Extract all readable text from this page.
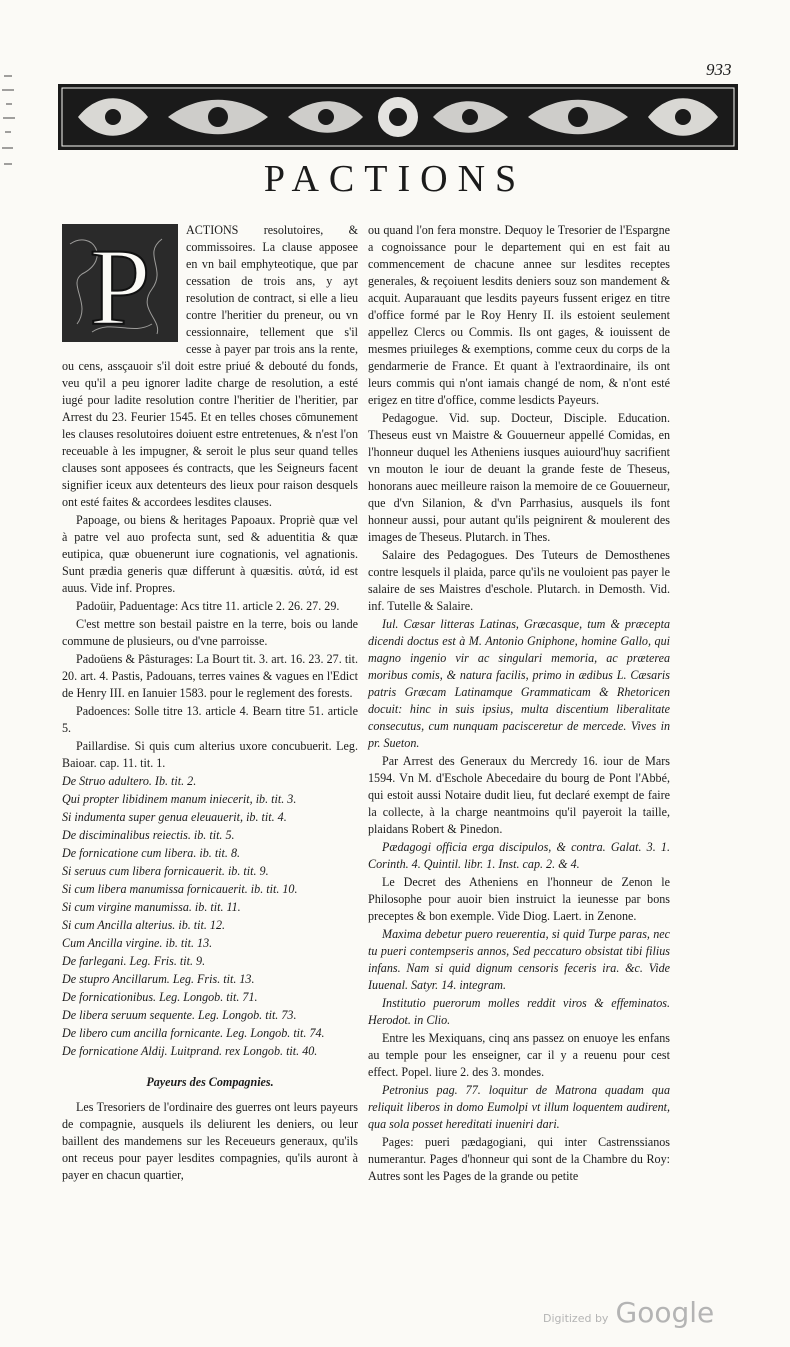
933
PACTIONS
P	ACTIONS resolutoires, & commissoires. La clause apposee en vn bail emphyteotique, que par cessation de trois ans, y ayt resolution de contract, si elle a lieu contre l'heritier du preneur, ou vn cessionnaire, tellement que s'il cesse à payer par trois ans la rente, ou cens, assçauoir s'il doit estre priué & debouté du fonds, veu qu'il a peu ignorer ladite charge de resolution, a esté iugé pour ladite resolution contre l'heritier de l'heritier, par Arrest du 23. Feurier 1545. Et en telles choses cōmunement les clauses resolutoires doiuent estre entretenues, & n'est l'on receuable à les impugner, & seroit le plus seur quand telles clauses sont apposees és contracts, que les Seigneurs facent signifier iceux aux detenteurs des lieux pour raison desquels ont esté faites & accordees lesdites clauses.

Papoage, ou biens & heritages Papoaux. Propriè quæ vel à patre vel auo profecta sunt, sed & aduentitia & quæ eutipica, quæ obuenerunt iure cognationis, vel agnationis. Sunt prædia generis quæ differunt à quæsitis. αὐτά, id est auus. Vide inf. Propres.

Padoüir, Paduentage: Acs titre 11. article 2. 26. 27. 29.

C'est mettre son bestail paistre en la terre, bois ou lande commune de plusieurs, ou d'vne parroisse.

Padoüens & Pâsturages: La Bourt tit. 3. art. 16. 23. 27. tit. 20. art. 4. Pastis, Padouans, terres vaines & vagues en l'Edict de Henry III. en Ianuier 1583. pour le reglement des forests.

Padoences: Solle titre 13. article 4. Bearn titre 51. article 5.

Paillardise. Si quis cum alterius uxore concubuerit. Leg. Baioar. cap. 11. tit. 1.

De Struo adultero. Ib. tit. 2.

Qui propter libidinem manum iniecerit, ib. tit. 3.

Si indumenta super genua eleuauerit, ib. tit. 4.

De disciminalibus reiectis. ib. tit. 5.

De fornicatione cum libera. ib. tit. 8.

Si seruus cum libera fornicauerit. ib. tit. 9.

Si cum libera manumissa fornicauerit. ib. tit. 10.

Si cum virgine manumissa. ib. tit. 11.

Si cum Ancilla alterius. ib. tit. 12.

Cum Ancilla virgine. ib. tit. 13.

De farlegani. Leg. Fris. tit. 9.

De stupro Ancillarum. Leg. Fris. tit. 13.

De fornicationibus. Leg. Longob. tit. 71.

De libera seruum sequente. Leg. Longob. tit. 73.

De libero cum ancilla fornicante. Leg. Longob. tit. 74.

De fornicatione Aldij. Luitprand. rex Longob. tit. 40.

Payeurs des Compagnies.

Les Tresoriers de l'ordinaire des guerres ont leurs payeurs de compagnie, ausquels ils deliurent les deniers, ou leur baillent des mandemens sur les Receueurs generaux, qu'ils ont receus pour payer lesdites compagnies, qu'ils auront à payer en chacun quartier,

ou quand l'on fera monstre. Dequoy le Tresorier de l'Espargne a cognoissance pour le departement qui en est fait au commencement de chacune annee sur lesdites receptes generales, & reçoiuent lesdits deniers souz son mandement & acquit. Auparauant que lesdits payeurs fussent erigez en titre d'office formé par le Roy Henry II. ils estoient seulement appellez Clercs ou Commis. Ils ont gages, & iouissent de mesmes priuileges & exemptions, comme ceux du corps de la gendarmerie de France. Et quant à l'extraordinaire, ils ont leurs commis qui n'ont iamais changé de nom, & n'ont esté erigez en titre d'office, comme lesdicts Payeurs.

Pedagogue. Vid. sup. Docteur, Disciple. Education. Theseus eust vn Maistre & Gouuerneur appellé Comidas, en l'honneur duquel les Atheniens iusques auiourd'huy sacrifient vn mouton le iour de deuant la grande feste de Theseus, honorans auec meilleure raison la memoire de ce Gouuerneur, que d'vn Silanion, & d'vn Parrhasius, ausquels ils font honneur aussi, pour autant qu'ils peignirent & moulerent des images de Theseus. Plutarch. in Thes.

Salaire des Pedagogues. Des Tuteurs de Demosthenes contre lesquels il plaida, parce qu'ils ne vouloient pas payer le salaire de ses Maistres d'eschole. Plutarch. in Demosth. Vid. inf. Tutelle & Salaire.

Iul. Cæsar litteras Latinas, Græcasque, tum & præcepta dicendi doctus est à M. Antonio Gniphone, homine Gallo, qui magno ingenio vir ac singulari memoria, ac præterea moribus comis, & natura facilis, primo in ædibus L. Cæsaris patris Græcam Latinamque Grammaticam & Rhetoricen docuit: hinc in suis ipsius, multa discentium liberalitate consecutus, cum nunquam pacisceretur de mercede. Vives in pr. Sueton.

Par Arrest des Generaux du Mercredy 16. iour de Mars 1594. Vn M. d'Eschole Abecedaire du bourg de Pont l'Abbé, qui estoit aussi Notaire dudit lieu, fut declaré exempt de faire la collecte, à la charge neantmoins qu'il payeroit la taille, plaidans Robert & Pinedon.

Pædagogi officia erga discipulos, & contra. Galat. 3. 1. Corinth. 4. Quintil. libr. 1. Inst. cap. 2. & 4.

Le Decret des Atheniens en l'honneur de Zenon le Philosophe pour auoir bien instruict la ieunesse par bons preceptes & bon exemple. Vide Diog. Laert. in Zenone.

Maxima debetur puero reuerentia, si quid Turpe paras, nec tu pueri contempseris annos, Sed peccaturo obsistat tibi filius infans. Nam si quid dignum censoris feceris ira. &c. Vide Iuuenal. Satyr. 14. integram.

Institutio puerorum molles reddit viros & effeminatos. Herodot. in Clio.

Entre les Mexiquans, cinq ans passez on enuoye les enfans au temple pour les enseigner, car il y a reuenu pour cest effect. Popel. liure 2. des 3. mondes.

Petronius pag. 77. loquitur de Matrona quadam qua reliquit liberos in domo Eumolpi vt illum loquentem audirent, qua sola posset hereditati inueniri dari.

Pages: pueri pædagogiani, qui inter Castrenssianos numerantur. Pages d'honneur qui sont de la Chambre du Roy: Autres sont les Pages de la grande ou petite

Digitized by Google
